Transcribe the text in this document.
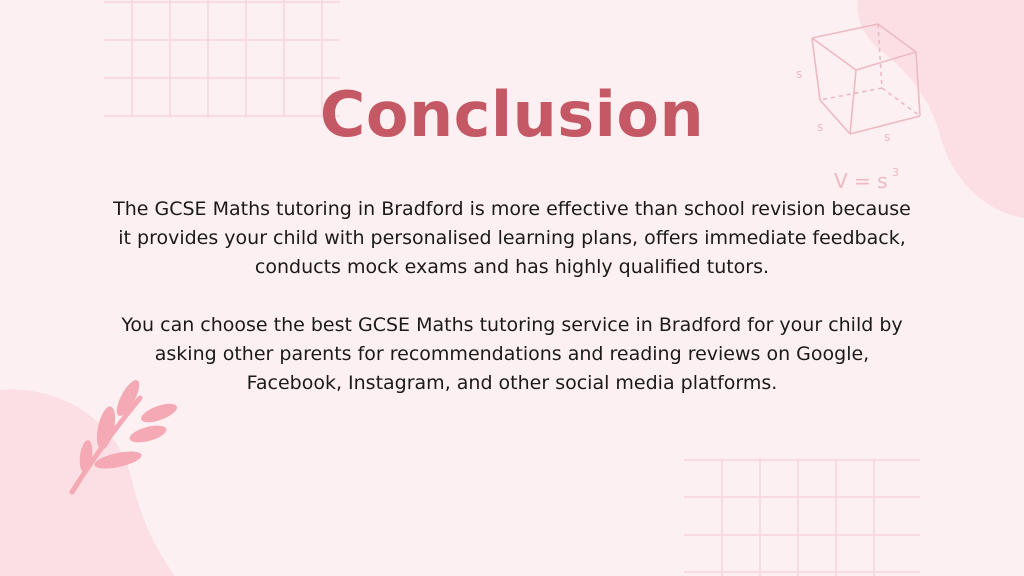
s
s
s
V = s 3
Conclusion

The GCSE Maths tutoring in Bradford is more effective than school revision because it provides your child with personalised learning plans, offers immediate feedback, conducts mock exams and has highly qualified tutors.

You can choose the best GCSE Maths tutoring service in Bradford for your child by asking other parents for recommendations and reading reviews on Google, Facebook, Instagram, and other social media platforms.
